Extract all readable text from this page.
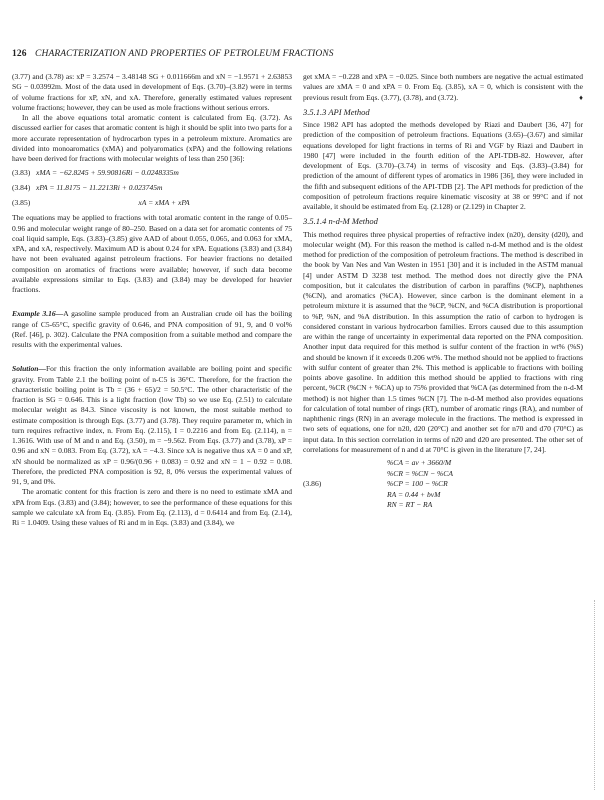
126 CHARACTERIZATION AND PROPERTIES OF PETROLEUM FRACTIONS

(3.77) and (3.78) as: xP = 3.2574 − 3.48148 SG + 0.011666m and xN = −1.9571 + 2.63853 SG − 0.03992m. Most of the data used in development of Eqs. (3.70)–(3.82) were in terms of volume fractions for xP, xN, and xA. Therefore, generally estimated values represent volume fractions; however, they can be used as mole fractions without serious errors.

In all the above equations total aromatic content is calculated from Eq. (3.72). As discussed earlier for cases that aromatic content is high it should be split into two parts for a more accurate representation of hydrocarbon types in a petroleum mixture. Aromatics are divided into monoaromatics (xMA) and polyaromatics (xPA) and the following relations have been derived for fractions with molecular weights of less than 250 [36]:

(3.83) xMA = −62.8245 + 59.90816Ri − 0.0248335m
(3.84) xPA = 11.8175 − 11.2213Ri + 0.023745m
(3.85)	xA = xMA + xPA

The equations may be applied to fractions with total aromatic content in the range of 0.05–0.96 and molecular weight range of 80–250. Based on a data set for aromatic contents of 75 coal liquid sample, Eqs. (3.83)–(3.85) give AAD of about 0.055, 0.065, and 0.063 for xMA, xPA, and xA, respectively. Maximum AD is about 0.24 for xPA. Equations (3.83) and (3.84) have not been evaluated against petroleum fractions. For heavier fractions no detailed composition on aromatics of fractions were available; however, if such data become available expressions similar to Eqs. (3.83) and (3.84) may be developed for heavier fractions.

Example 3.16—A gasoline sample produced from an Australian crude oil has the boiling range of C5-65°C, specific gravity of 0.646, and PNA composition of 91, 9, and 0 vol% (Ref. [46], p. 302). Calculate the PNA composition from a suitable method and compare the results with the experimental values.

Solution—For this fraction the only information available are boiling point and specific gravity. From Table 2.1 the boiling point of n-C5 is 36°C. Therefore, for the fraction the characteristic boiling point is Tb = (36 + 65)/2 = 50.5°C. The other characteristic of the fraction is SG = 0.646. This is a light fraction (low Tb) so we use Eq. (2.51) to calculate molecular weight as 84.3. Since viscosity is not known, the most suitable method to estimate composition is through Eqs. (3.77) and (3.78). They require parameter m, which in turn requires refractive index, n. From Eq. (2.115), I = 0.2216 and from Eq. (2.114), n = 1.3616. With use of M and n and Eq. (3.50), m = −9.562. From Eqs. (3.77) and (3.78), xP = 0.96 and xN = 0.083. From Eq. (3.72), xA = −4.3. Since xA is negative thus xA = 0 and xP, xN should be normalized as xP = 0.96/(0.96 + 0.083) = 0.92 and xN = 1 − 0.92 = 0.08. Therefore, the predicted PNA composition is 92, 8, 0% versus the experimental values of 91, 9, and 0%.

The aromatic content for this fraction is zero and there is no need to estimate xMA and xPA from Eqs. (3.83) and (3.84); however, to see the performance of these equations for this sample we calculate xA from Eq. (3.85). From Eq. (2.113), d = 0.6414 and from Eq. (2.14), Ri = 1.0409. Using these values of Ri and m in Eqs. (3.83) and (3.84), we

get xMA = −0.228 and xPA = −0.025. Since both numbers are negative the actual estimated values are xMA = 0 and xPA = 0. From Eq. (3.85), xA = 0, which is consistent with the previous result from Eqs. (3.77), (3.78), and (3.72).	♦

3.5.1.3 API Method

Since 1982 API has adopted the methods developed by Riazi and Daubert [36, 47] for prediction of the composition of petroleum fractions. Equations (3.65)–(3.67) and similar equations developed for light fractions in terms of Ri and VGF by Riazi and Daubert in 1980 [47] were included in the fourth edition of the API-TDB-82. However, after development of Eqs. (3.70)–(3.74) in terms of viscosity and Eqs. (3.83)–(3.84) for prediction of the amount of different types of aromatics in 1986 [36], they were included in the fifth and subsequent editions of the API-TDB [2]. The API methods for prediction of the composition of petroleum fractions require kinematic viscosity at 38 or 99°C and if not available, it should be estimated from Eq. (2.128) or (2.129) in Chapter 2.

3.5.1.4 n-d-M Method

This method requires three physical properties of refractive index (n20), density (d20), and molecular weight (M). For this reason the method is called n-d-M method and is the oldest method for prediction of the composition of petroleum fractions. The method is described in the book by Van Nes and Van Westen in 1951 [30] and it is included in the ASTM manual [4] under ASTM D 3238 test method. The method does not directly give the PNA composition, but it calculates the distribution of carbon in paraffins (%CP), naphthenes (%CN), and aromatics (%CA). However, since carbon is the dominant element in a petroleum mixture it is assumed that the %CP, %CN, and %CA distribution is proportional to %P, %N, and %A distribution. In this assumption the ratio of carbon to hydrogen is considered constant in various hydrocarbon families. Errors caused due to this assumption are within the range of uncertainty in experimental data reported on the PNA composition. Another input data required for this method is sulfur content of the fraction in wt% (%S) and should be known if it exceeds 0.206 wt%. The method should not be applied to fractions with sulfur content of greater than 2%. This method is applicable to fractions with boiling points above gasoline. In addition this method should be applied to fractions with ring percent, %CR (%CN + %CA) up to 75% provided that %CA (as determined from the n-d-M method) is not higher than 1.5 times %CN [7]. The n-d-M method also provides equations for calculation of total number of rings (RT), number of aromatic rings (RA), and number of naphthenic rings (RN) in an average molecule in the fractions. The method is expressed in two sets of equations, one for n20, d20 (20°C) and another set for n70 and d70 (70°C) as input data. In this section correlation in terms of n20 and d20 are presented. The other set of correlations for measurement of n and d at 70°C is given in the literature [7, 24].

(3.86)
%CA = av + 3660/M
%CR = %CN − %CA
%CP = 100 − %CR
RA = 0.44 + bvM
RN = RT − RA
